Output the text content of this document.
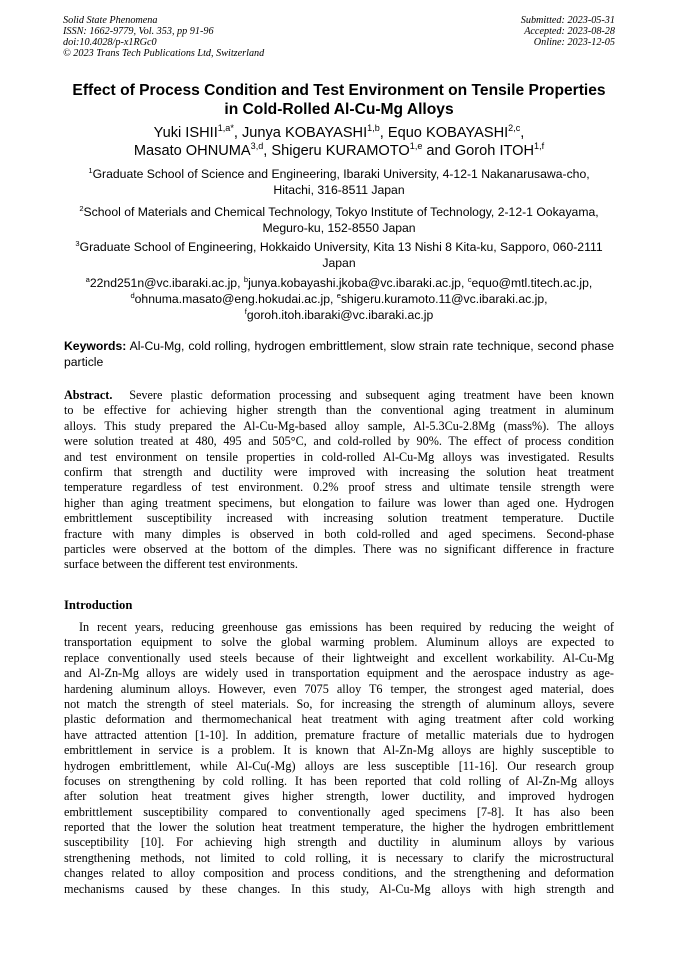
Solid State Phenomena
ISSN: 1662-9779, Vol. 353, pp 91-96
doi:10.4028/p-x1RGc0
© 2023 Trans Tech Publications Ltd, Switzerland
Submitted: 2023-05-31
Accepted: 2023-08-28
Online: 2023-12-05
Effect of Process Condition and Test Environment on Tensile Properties
in Cold-Rolled Al-Cu-Mg Alloys
Yuki $ISHII^{1,a*}$, Junya KOBAYASHI$^{1,b}$, Equo KOBAYASHI$^{2,c}$,
Masato OHNUMA$^{3,d}$, Shigeru KURAMOTO$^{1,e}$ and Goroh ITOH$^{1,f}$
$^1$Graduate School of Science and Engineering, Ibaraki University, 4-12-1 Nakanarusawa-cho,
Hitachi, 316-8511 Japan
$^2$School of Materials and Chemical Technology, Tokyo Institute of Technology, 2-12-1 Ookayama,
Meguro-ku, 152-8550 Japan
$^3$Graduate School of Engineering, Hokkaido University, Kita 13 Nishi 8 Kita-ku, Sapporo, 060-2111
Japan
$^a$22nd251n@vc.ibaraki.ac.jp, $^b$junya.kobayashi.jkoba@vc.ibaraki.ac.jp, $^c$equo@mtl.titech.ac.jp,
$^d$ohnuma.masato@eng.hokudai.ac.jp, $^e$shigeru.kuramoto.11@vc.ibaraki.ac.jp,
$^f$goroh.itoh.ibaraki@vc.ibaraki.ac.jp
Keywords: Al-Cu-Mg, cold rolling, hydrogen embrittlement, slow strain rate technique, second phase particle
Abstract. Severe plastic deformation processing and subsequent aging treatment have been known
to be effective for achieving higher strength than the conventional aging treatment in aluminum
alloys. This study prepared the Al-Cu-Mg-based alloy sample, Al-5.3Cu-2.8Mg (mass%). The alloys
were solution treated at 480, 495 and 505°C, and cold-rolled by 90%. The effect of process condition
and test environment on tensile properties in cold-rolled Al-Cu-Mg alloys was investigated. Results
confirm that strength and ductility were improved with increasing the solution heat treatment
temperature regardless of test environment. 0.2% proof stress and ultimate tensile strength were
higher than aging treatment specimens, but elongation to failure was lower than aged one. Hydrogen
embrittlement susceptibility increased with increasing solution treatment temperature. Ductile
fracture with many dimples is observed in both cold-rolled and aged specimens. Second-phase
particles were observed at the bottom of the dimples. There was no significant difference in fracture
surface between the different test environments.
Introduction
In recent years, reducing greenhouse gas emissions has been required by reducing the weight of
transportation equipment to solve the global warming problem. Aluminum alloys are expected to
replace conventionally used steels because of their lightweight and excellent workability. Al-Cu-Mg
and Al-Zn-Mg alloys are widely used in transportation equipment and the aerospace industry as age-
hardening aluminum alloys. However, even 7075 alloy T6 temper, the strongest aged material, does
not match the strength of steel materials. So, for increasing the strength of aluminum alloys, severe
plastic deformation and thermomechanical heat treatment with aging treatment after cold working
have attracted attention [1-10]. In addition, premature fracture of metallic materials due to hydrogen
embrittlement in service is a problem. It is known that Al-Zn-Mg alloys are highly susceptible to
hydrogen embrittlement, while Al-Cu(-Mg) alloys are less susceptible [11-16]. Our research group
focuses on strengthening by cold rolling. It has been reported that cold rolling of Al-Zn-Mg alloys
after solution heat treatment gives higher strength, lower ductility, and improved hydrogen
embrittlement susceptibility compared to conventionally aged specimens [7-8]. It has also been
reported that the lower the solution heat treatment temperature, the higher the hydrogen embrittlement
susceptibility [10]. For achieving high strength and ductility in aluminum alloys by various
strengthening methods, not limited to cold rolling, it is necessary to clarify the microstructural
changes related to alloy composition and process conditions, and the strengthening and deformation
mechanisms caused by these changes. In this study, Al-Cu-Mg alloys with high strength and
